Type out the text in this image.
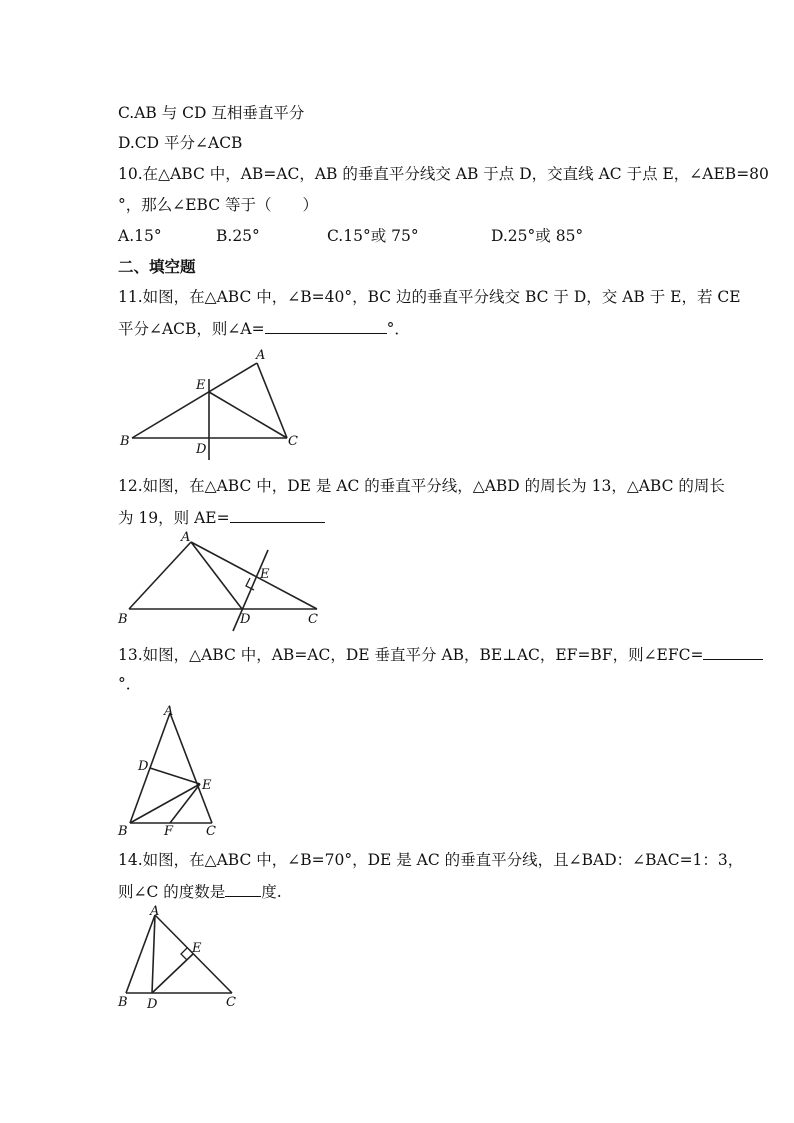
C.AB 与 CD 互相垂直平分
D.CD 平分∠ACB
10.在△ABC 中，AB=AC，AB 的垂直平分线交 AB 于点 D，交直线 AC 于点 E，∠AEB=80
°，那么∠EBC 等于（　　）
A.15°	B.25°	C.15°或 75°	D.25°或 85°
二、填空题
11.如图，在△ABC 中，∠B=40°，BC 边的垂直平分线交 BC 于 D，交 AB 于 E，若 CE
平分∠ACB，则∠A=	°．
A
E
B
D
C
12.如图，在△ABC 中，DE 是 AC 的垂直平分线，△ABD 的周长为 13，△ABC 的周长
为 19，则 AE=
A
E
B	D	C
13.如图，△ABC 中，AB=AC，DE 垂直平分 AB，BE⊥AC，EF=BF，则∠EFC=
°．
A
D
E
B	F	C
14.如图，在△ABC 中，∠B=70°，DE 是 AC 的垂直平分线，且∠BAD：∠BAC=1：3，
则∠C 的度数是 度.
A
E
B D	C
